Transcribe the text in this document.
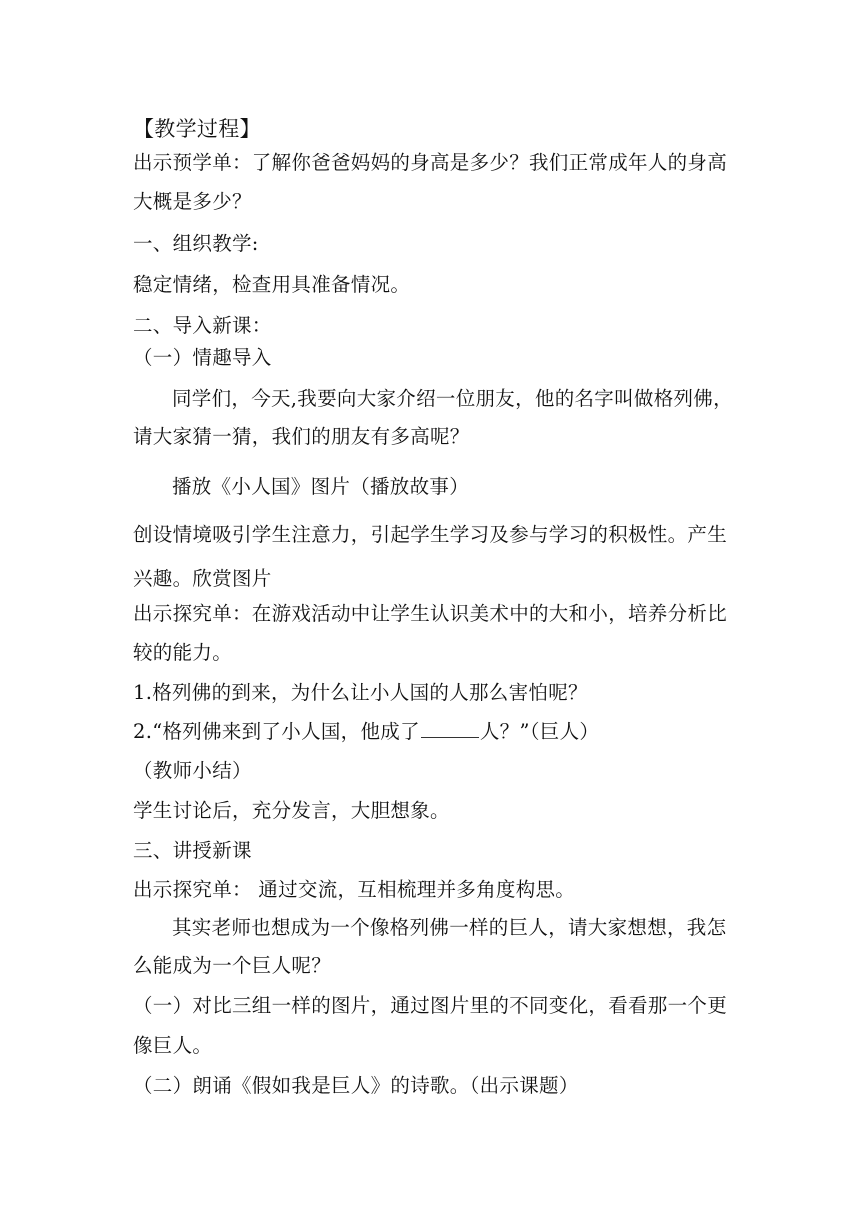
【教学过程】
出示预学单：了解你爸爸妈妈的身高是多少？我们正常成年人的身高
大概是多少？
一、组织教学:
稳定情绪，检查用具准备情况。
二、导入新课：
（一）情趣导入
同学们，今天,我要向大家介绍一位朋友，他的名字叫做格列佛，
请大家猜一猜，我们的朋友有多高呢？
播放《小人国》图片（播放故事）
创设情境吸引学生注意力，引起学生学习及参与学习的积极性。产生
兴趣。欣赏图片
出示探究单：在游戏活动中让学生认识美术中的大和小，培养分析比
较的能力。
1.格列佛的到来，为什么让小人国的人那么害怕呢？
2.“格列佛来到了小人国，他成了	人？”（巨人）
（教师小结）
学生讨论后，充分发言，大胆想象。
三、讲授新课
出示探究单： 通过交流，互相梳理并多角度构思。
其实老师也想成为一个像格列佛一样的巨人，请大家想想，我怎
么能成为一个巨人呢？
（一）对比三组一样的图片，通过图片里的不同变化，看看那一个更
像巨人。
（二）朗诵《假如我是巨人》的诗歌。（出示课题）
